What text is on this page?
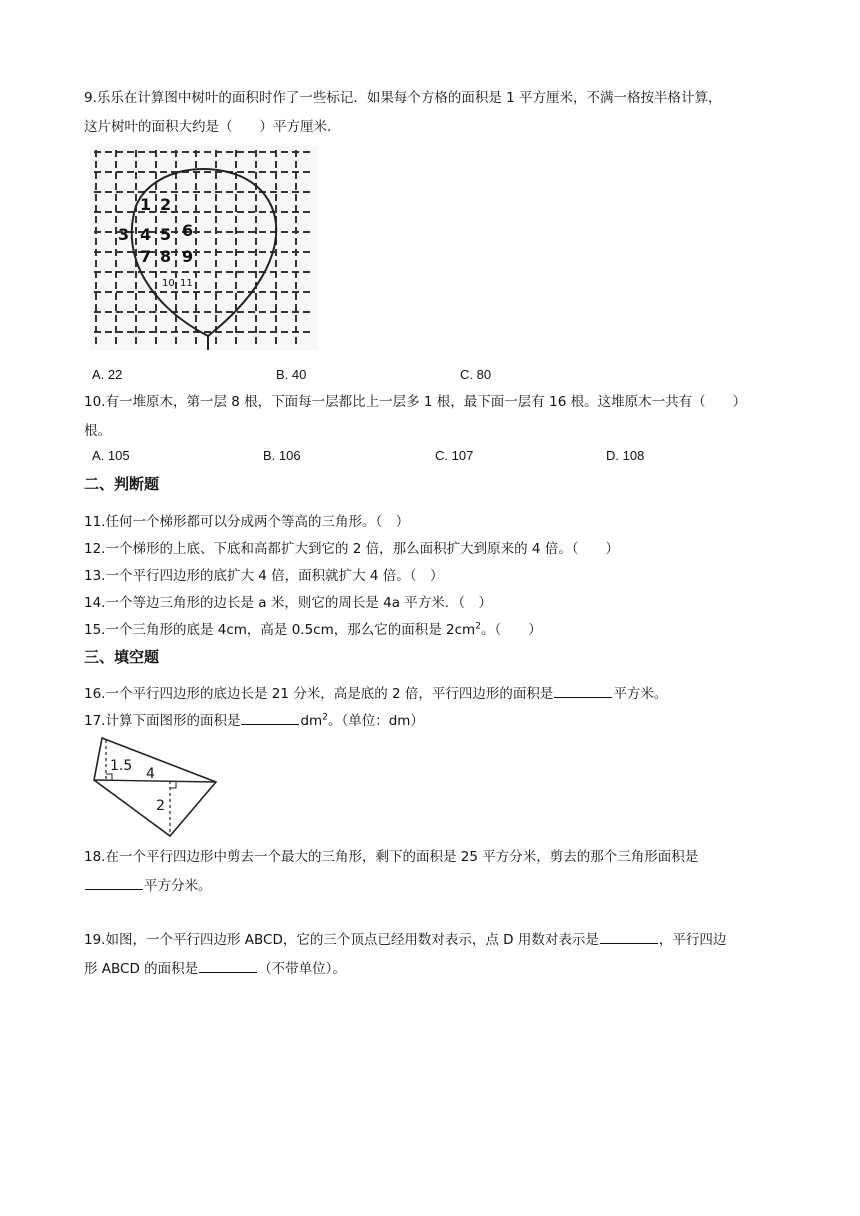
9.乐乐在计算图中树叶的面积时作了一些标记．如果每个方格的面积是 1 平方厘米，不满一格按半格计算，
这片树叶的面积大约是（　　）平方厘米.
1 2
3 4 5 6
7 8 9
10 11
A. 22	B. 40	C. 80
10.有一堆原木，第一层 8 根，下面每一层都比上一层多 1 根，最下面一层有 16 根。这堆原木一共有（　　）
根。
A. 105	B. 106	C. 107	D. 108
二、判断题
11.任何一个梯形都可以分成两个等高的三角形。（　）
12.一个梯形的上底、下底和高都扩大到它的 2 倍，那么面积扩大到原来的 4 倍。（　　）
13.一个平行四边形的底扩大 4 倍，面积就扩大 4 倍。（　）
14.一个等边三角形的边长是 a 米，则它的周长是 4a 平方米．（　）
15.一个三角形的底是 4cm，高是 0.5cm，那么它的面积是 $2cm^2$。（　　）
三、填空题
16.一个平行四边形的底边长是 21 分米，高是底的 2 倍，平行四边形的面积是	平方米。
17.计算下面图形的面积是	$dm^2$。（单位：dm）
1.5 4
2
18.在一个平行四边形中剪去一个最大的三角形，剩下的面积是 25 平方分米，剪去的那个三角形面积是
平方分米。
19.如图，一个平行四边形 ABCD，它的三个顶点已经用数对表示，点 D 用数对表示是	，平行四边
形 ABCD 的面积是	（不带单位）。
